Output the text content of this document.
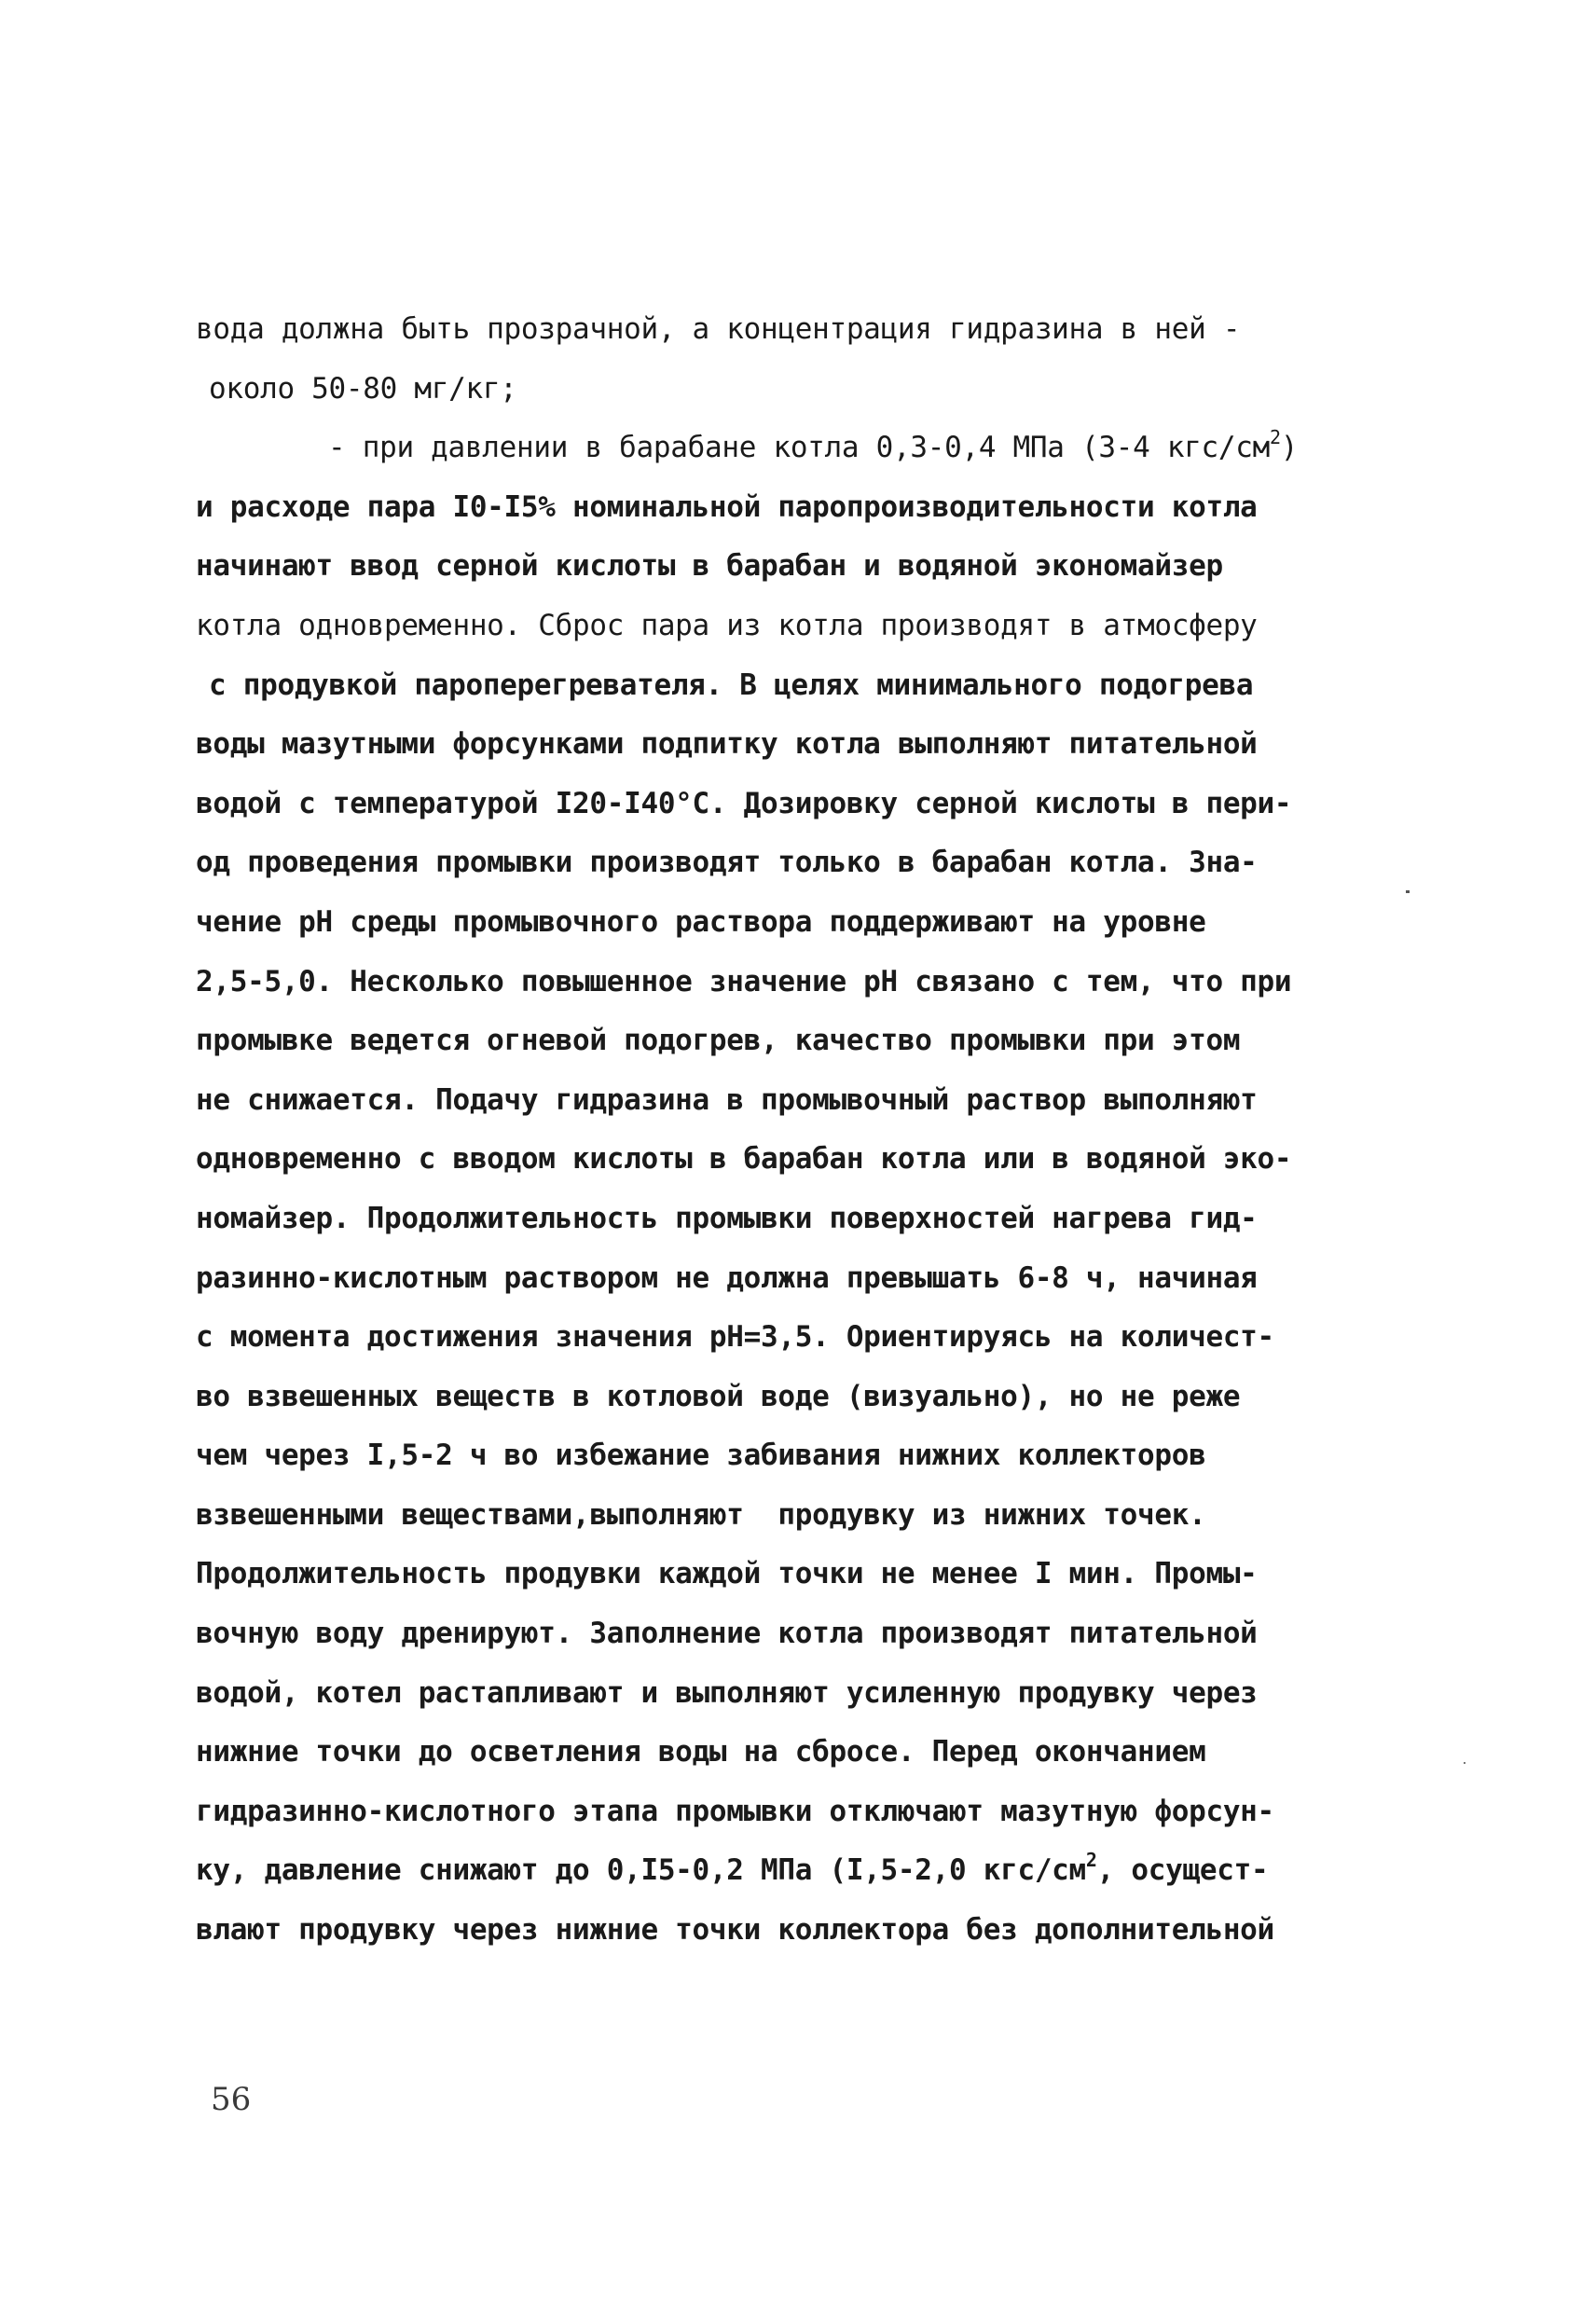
вода должна быть прозрачной, а концентрация гидразина в ней -
около 50-80 мг/кг;
- при давлении в барабане котла 0,3-0,4 МПа (3-4 кгс/$см^2$)
и расходе пара I0-I5% номинальной паропроизводительности котла
начинают ввод серной кислоты в барабан и водяной экономайзер
котла одновременно. Сброс пара из котла производят в атмосферу
с продувкой пароперегревателя. В целях минимального подогрева
воды мазутными форсунками подпитку котла выполняют питательной
водой с температурой I20-I40°С. Дозировку серной кислоты в пери-
од проведения промывки производят только в барабан котла. Зна-
чение pH среды промывочного раствора поддерживают на уровне
2,5-5,0. Несколько повышенное значение pH связано с тем, что при
промывке ведется огневой подогрев, качество промывки при этом
не снижается. Подачу гидразина в промывочный раствор выполняют
одновременно с вводом кислоты в барабан котла или в водяной эко-
номайзер. Продолжительность промывки поверхностей нагрева гид-
разинно-кислотным раствором не должна превышать 6-8 ч, начиная
с момента достижения значения pH=3,5. Ориентируясь на количест-
во взвешенных веществ в котловой воде (визуально), но не реже
чем через I,5-2 ч во избежание забивания нижних коллекторов
взвешенными веществами,выполняют  продувку из нижних точек.
Продолжительность продувки каждой точки не менее I мин. Промы-
вочную воду дренируют. Заполнение котла производят питательной
водой, котел растапливают и выполняют усиленную продувку через
нижние точки до осветления воды на сбросе. Перед окончанием
гидразинно-кислотного этапа промывки отключают мазутную форсун-
ку, давление снижают до 0,I5-0,2 МПа (I,5-2,0 кгс/$см^2$, осущест-
влают продувку через нижние точки коллектора без дополнительной
56
